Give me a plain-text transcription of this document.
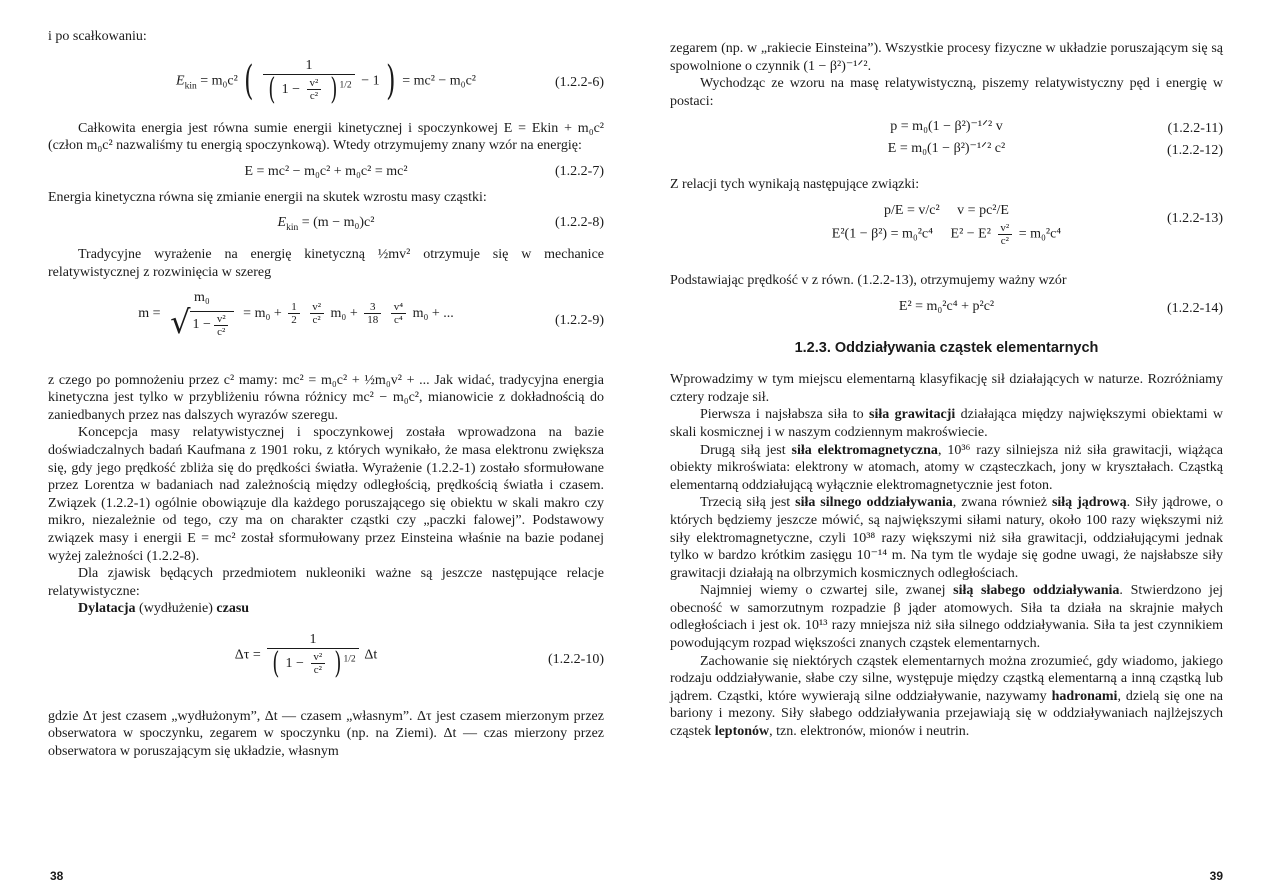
i po scałkowaniu:

$E_{kin} = m_0c^2$ ( $\frac{1}{( 1 - \frac{\text{v²}}{\text{c²}} ) ^{1/2}} - 1$ ) = mc² − m₀c²	(1.2.2-6)

Całkowita energia jest równa sumie energii kinetycznej i spoczynkowej E = Ekin + m₀c² (człon m₀c² nazwaliśmy tu energią spoczynkową). Wtedy otrzymujemy znany wzór na energię:

E = mc² − m₀c² + m₀c² = mc²	(1.2.2-7)

Energia kinetyczna równa się zmianie energii na skutek wzrostu masy cząstki:

$E_{kin} = (m - m_0)c^2$	(1.2.2-8)

Tradycyjne wyrażenie na energię kinetyczną ½mv² otrzymuje się w mechanice relatywistycznej z rozwinięcia w szereg

m =
m₀
√ $1 - \frac{\text{v²}}{\text{c²}} = m_0 + \frac{1}{2}$
$\frac{\text{v²}}{\text{c²}} m_0 + \frac{3}{18}$
$\frac{\text{v⁴}}{\text{c⁴}} m_0$ + ...	(1.2.2-9)

z czego po pomnożeniu przez c² mamy: mc² = m₀c² + ½m₀v² + ... Jak widać, tradycyjna energia kinetyczna jest tylko w przybliżeniu równa różnicy mc² − m₀c², mianowicie z dokładnością do zaniedbanych przez nas dalszych wyrazów szeregu.

Koncepcja masy relatywistycznej i spoczynkowej została wprowadzona na bazie doświadczalnych badań Kaufmana z 1901 roku, z których wynikało, że masa elektronu zwiększa się, gdy jego prędkość zbliża się do prędkości światła. Wyrażenie (1.2.2-1) zostało sformułowane przez Lorentza w badaniach nad zależnością między odległością, prędkością światła i czasem. Związek (1.2.2-1) ogólnie obowiązuje dla każdego poruszającego się obiektu w skali makro czy mikro, niezależnie od tego, czy ma on charakter cząstki czy „paczki falowej”. Podstawowy związek masy i energii E = mc² został sformułowany przez Einsteina właśnie na bazie podanej wyżej zależności (1.2.2-8).

Dla zjawisk będących przedmiotem nukleoniki ważne są jeszcze następujące relacje relatywistyczne:

Dylatacja (wydłużenie) czasu

$\Delta\tau = \frac{1}{( 1 - \frac{\text{v²}}{\text{c²}} ) ^{1/2}}$ Δt	(1.2.2-10)

gdzie Δτ jest czasem „wydłużonym”, Δt — czasem „własnym”. Δτ jest czasem mierzonym przez obserwatora w spoczynku, zegarem w spoczynku (np. na Ziemi). Δt — czas mierzony przez obserwatora w poruszającym się układzie, własnym

38

zegarem (np. w „rakiecie Einsteina”). Wszystkie procesy fizyczne w układzie poruszającym się są spowolnione o czynnik (1 − β²)⁻¹ᐟ².

Wychodząc ze wzoru na masę relatywistyczną, piszemy relatywistyczny pęd i energię w postaci:

p = m₀(1 − β²)⁻¹ᐟ² v	(1.2.2-11)
E = m₀(1 − β²)⁻¹ᐟ² c²	(1.2.2-12)

Z relacji tych wynikają następujące związki:

p/E = v/c²     v = pc²/E
E²(1 − β²) = m₀²c⁴     $E^2 - E^2 \frac{\text{v²}}{\text{c²}} = m_0^2c^4$
(1.2.2-13)

Podstawiając prędkość v z równ. (1.2.2-13), otrzymujemy ważny wzór

E² = m₀²c⁴ + p²c²	(1.2.2-14)
1.2.3. Oddziaływania cząstek elementarnych

Wprowadzimy w tym miejscu elementarną klasyfikację sił działających w naturze. Rozróżniamy cztery rodzaje sił.

Pierwsza i najsłabsza siła to siła grawitacji działająca między największymi obiektami w skali kosmicznej i w naszym codziennym makroświecie.

Drugą siłą jest siła elektromagnetyczna, 10³⁶ razy silniejsza niż siła grawitacji, wiążąca obiekty mikroświata: elektrony w atomach, atomy w cząsteczkach, jony w kryształach. Cząstką elementarną oddziałującą wyłącznie elektromagnetycznie jest foton.

Trzecią siłą jest siła silnego oddziaływania, zwana również siłą jądrową. Siły jądrowe, o których będziemy jeszcze mówić, są największymi siłami natury, około 100 razy większymi niż siły elektromagnetyczne, czyli 10³⁸ razy większymi niż siła grawitacji, oddziałującymi jednak tylko w bardzo krótkim zasięgu 10⁻¹⁴ m. Na tym tle wydaje się godne uwagi, że najsłabsze siły grawitacji działają na olbrzymich kosmicznych odległościach.

Najmniej wiemy o czwartej sile, zwanej siłą słabego oddziaływania. Stwierdzono jej obecność w samorzutnym rozpadzie β jąder atomowych. Siła ta działa na skrajnie małych odległościach i jest ok. 10¹³ razy mniejsza niż siła silnego oddziaływania. Siła ta jest czynnikiem powodującym rozpad większości znanych cząstek elementarnych.

Zachowanie się niektórych cząstek elementarnych można zrozumieć, gdy wiadomo, jakiego rodzaju oddziaływanie, słabe czy silne, występuje między cząstką elementarną a inną cząstką lub jądrem. Cząstki, które wywierają silne oddziaływanie, nazywamy hadronami, dzielą się one na bariony i mezony. Siły słabego oddziaływania przejawiają się w oddziaływaniach najlżejszych cząstek leptonów, tzn. elektronów, mionów i neutrin.

39
